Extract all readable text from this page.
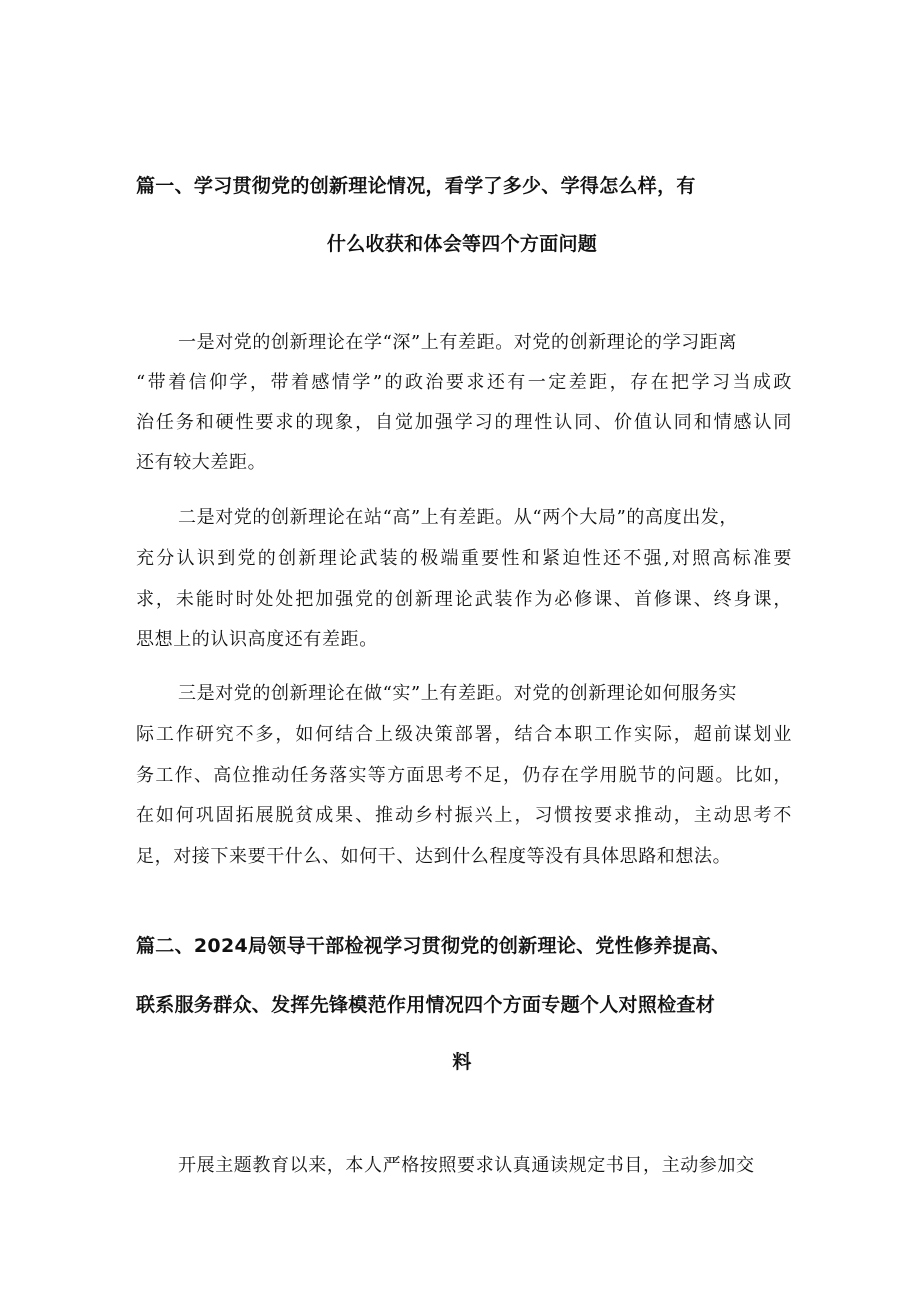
篇一、学习贯彻党的创新理论情况，看学了多少、学得怎么样，有
什么收获和体会等四个方面问题
一是对党的创新理论在学“深”上有差距。对党的创新理论的学习距离
“带着信仰学，带着感情学”的政治要求还有一定差距，存在把学习当成政
治任务和硬性要求的现象，自觉加强学习的理性认同、价值认同和情感认同
还有较大差距。
二是对党的创新理论在站“高”上有差距。从“两个大局”的高度出发，
充分认识到党的创新理论武装的极端重要性和紧迫性还不强,对照高标准要
求，未能时时处处把加强党的创新理论武装作为必修课、首修课、终身课，
思想上的认识高度还有差距。
三是对党的创新理论在做“实”上有差距。对党的创新理论如何服务实
际工作研究不多，如何结合上级决策部署，结合本职工作实际，超前谋划业
务工作、高位推动任务落实等方面思考不足，仍存在学用脱节的问题。比如，
在如何巩固拓展脱贫成果、推动乡村振兴上，习惯按要求推动，主动思考不
足，对接下来要干什么、如何干、达到什么程度等没有具体思路和想法。
篇二、2024局领导干部检视学习贯彻党的创新理论、党性修养提高、
联系服务群众、发挥先锋模范作用情况四个方面专题个人对照检查材
料
开展主题教育以来，本人严格按照要求认真通读规定书目，主动参加交
